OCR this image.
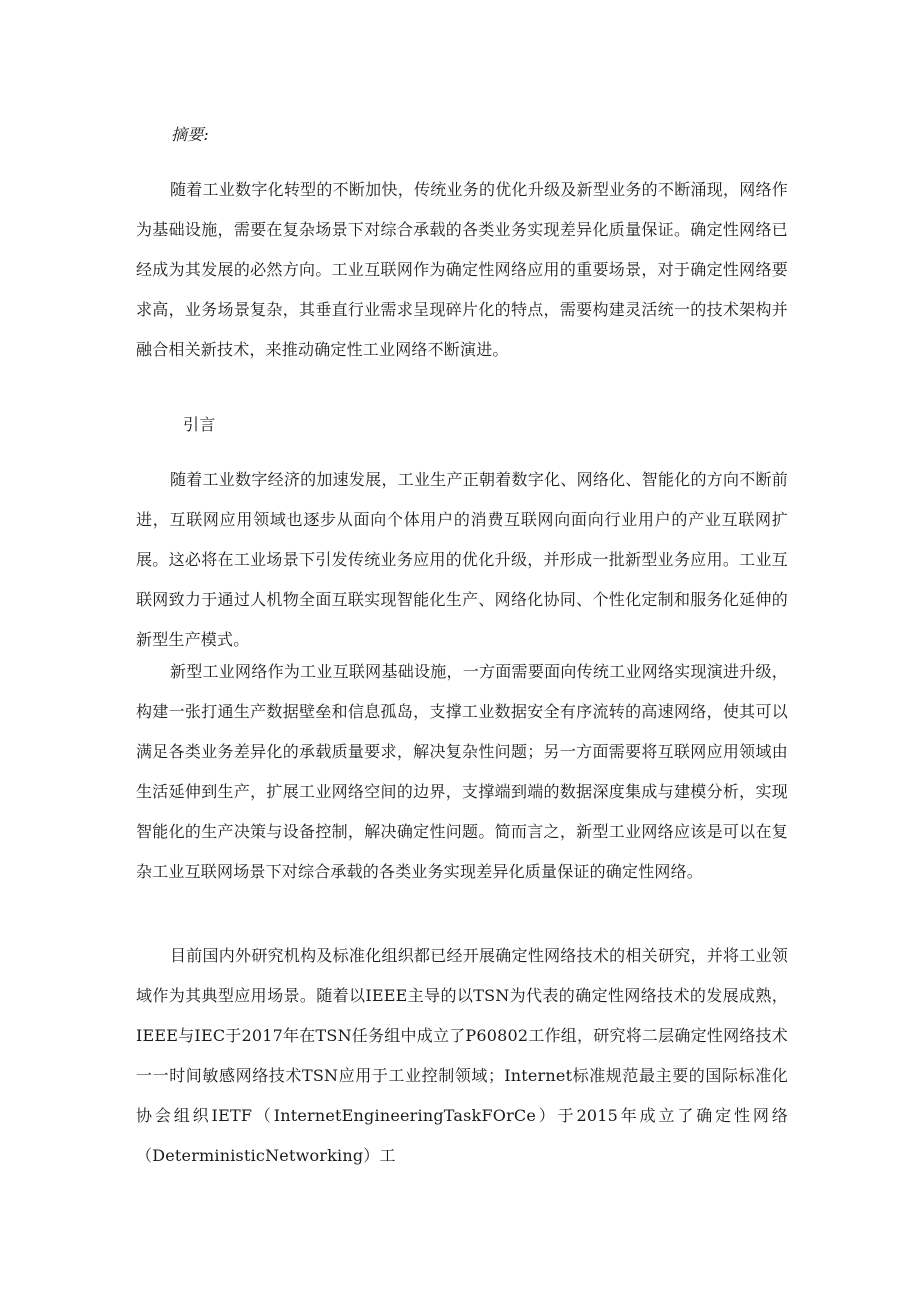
摘要:

随着工业数字化转型的不断加快，传统业务的优化升级及新型业务的不断涌现，网络作为基础设施，需要在复杂场景下对综合承载的各类业务实现差异化质量保证。确定性网络已经成为其发展的必然方向。工业互联网作为确定性网络应用的重要场景，对于确定性网络要求高，业务场景复杂，其垂直行业需求呈现碎片化的特点，需要构建灵活统一的技术架构并融合相关新技术，来推动确定性工业网络不断演进。

引言

随着工业数字经济的加速发展，工业生产正朝着数字化、网络化、智能化的方向不断前进，互联网应用领域也逐步从面向个体用户的消费互联网向面向行业用户的产业互联网扩展。这必将在工业场景下引发传统业务应用的优化升级，并形成一批新型业务应用。工业互联网致力于通过人机物全面互联实现智能化生产、网络化协同、个性化定制和服务化延伸的新型生产模式。

新型工业网络作为工业互联网基础设施，一方面需要面向传统工业网络实现演进升级，构建一张打通生产数据壁垒和信息孤岛，支撑工业数据安全有序流转的高速网络，使其可以满足各类业务差异化的承载质量要求，解决复杂性问题；另一方面需要将互联网应用领域由生活延伸到生产，扩展工业网络空间的边界，支撑端到端的数据深度集成与建模分析，实现智能化的生产决策与设备控制，解决确定性问题。简而言之，新型工业网络应该是可以在复杂工业互联网场景下对综合承载的各类业务实现差异化质量保证的确定性网络。

目前国内外研究机构及标准化组织都已经开展确定性网络技术的相关研究，并将工业领域作为其典型应用场景。随着以IEEE主导的以TSN为代表的确定性网络技术的发展成熟，IEEE与IEC于2017年在TSN任务组中成立了P60802工作组，研究将二层确定性网络技术一一时间敏感网络技术TSN应用于工业控制领域；Internet标准规范最主要的国际标准化协会组织IETF（InternetEngineeringTaskFOrCe）于2015年成立了确定性网络（DeterministicNetworking）工
